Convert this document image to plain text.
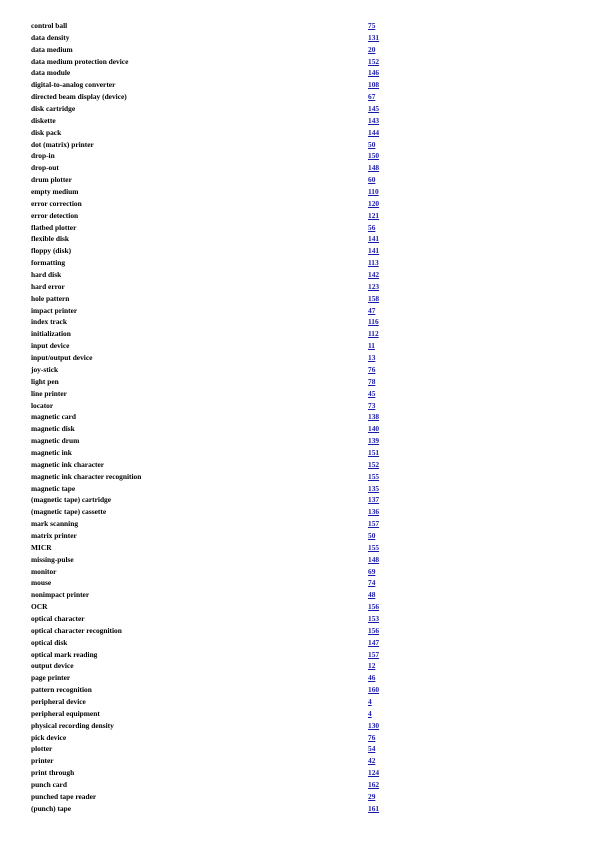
control ball	75
data density	131
data medium	20
data medium protection device	152
data module	146
digital-to-analog converter	108
directed beam display (device)	67
disk cartridge	145
diskette	143
disk pack	144
dot (matrix) printer	50
drop-in	150
drop-out	148
drum plotter	60
empty medium	110
error correction	120
error detection	121
flatbed plotter	56
flexible disk	141
floppy (disk)	141
formatting	113
hard disk	142
hard error	123
hole pattern	158
impact printer	47
index track	116
initialization	112
input device	11
input/output device	13
joy-stick	76
light pen	78
line printer	45
locator	73
magnetic card	138
magnetic disk	140
magnetic drum	139
magnetic ink	151
magnetic ink character	152
magnetic ink character recognition	155
magnetic tape	135
(magnetic tape) cartridge	137
(magnetic tape) cassette	136
mark scanning	157
matrix printer	50
MICR	155
missing-pulse	148
monitor	69
mouse	74
nonimpact printer	48
OCR	156
optical character	153
optical character recognition	156
optical disk	147
optical mark reading	157
output device	12
page printer	46
pattern recognition	160
peripheral device	4
peripheral equipment	4
physical recording density	130
pick device	76
plotter	54
printer	42
print through	124
punch card	162
punched tape reader	29
(punch) tape	161
